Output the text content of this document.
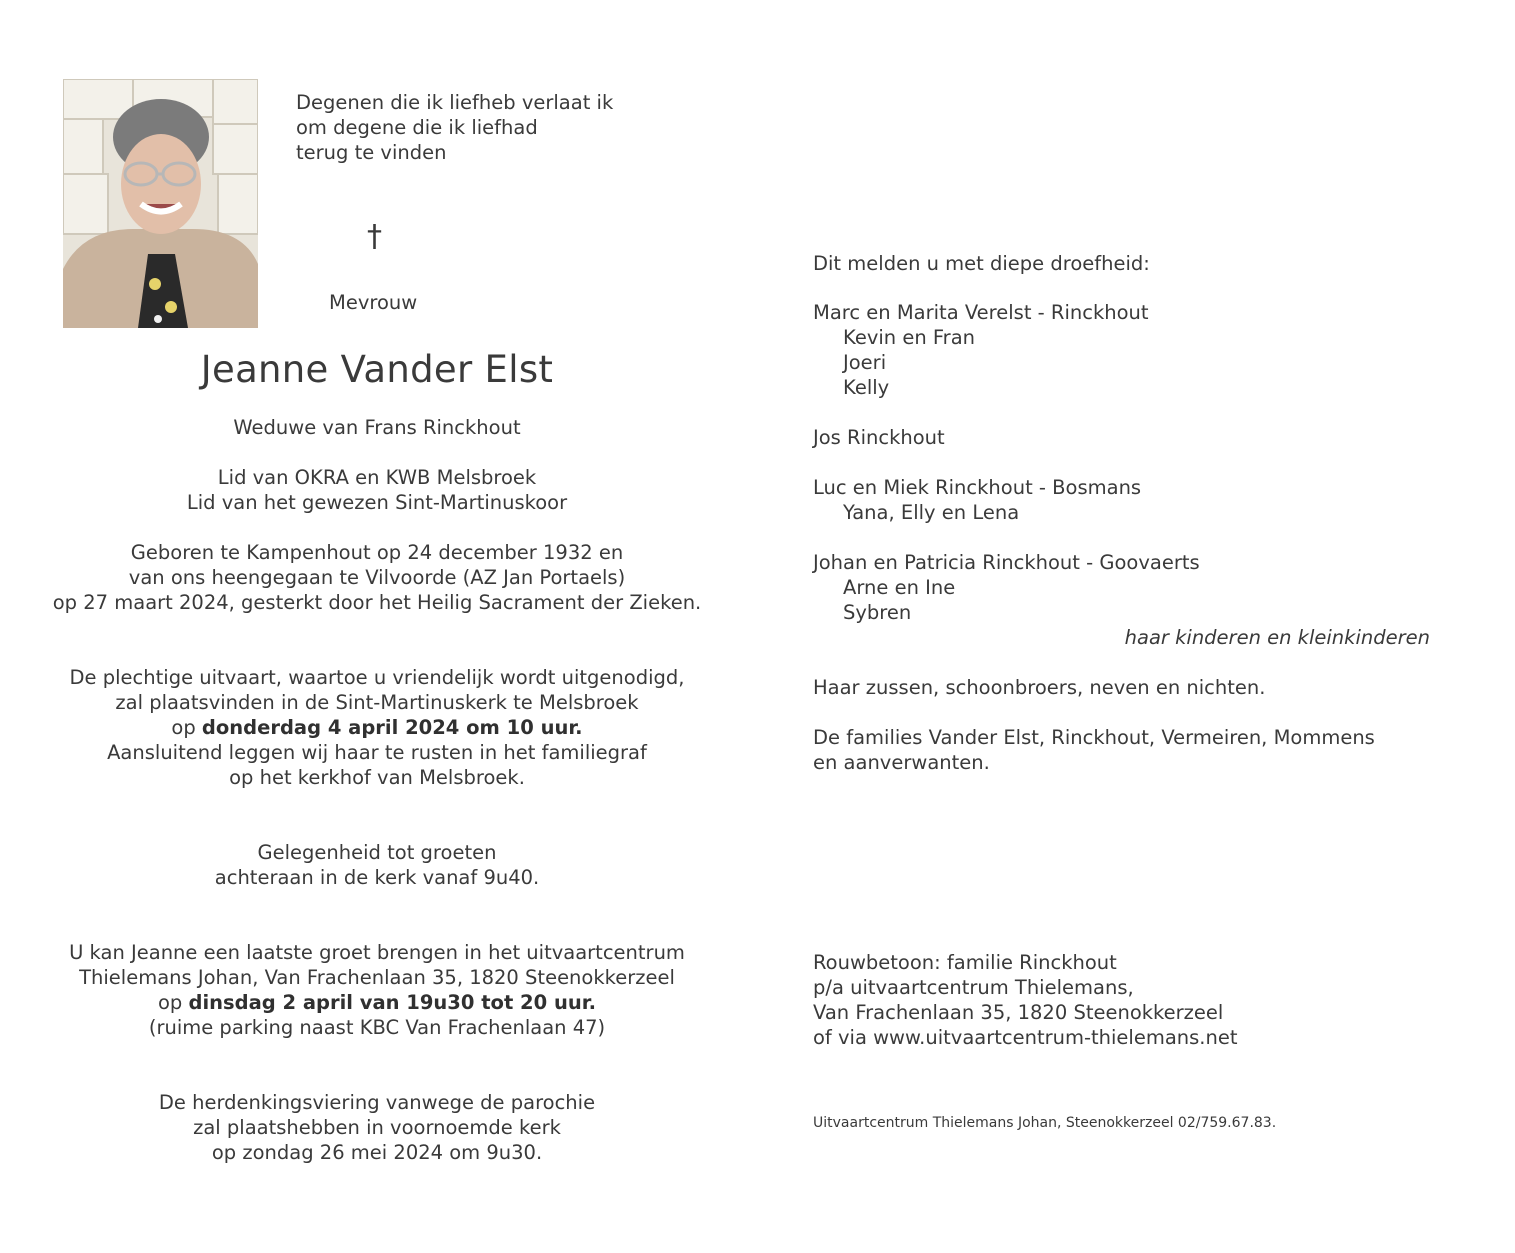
Degenen die ik liefheb verlaat ik
om degene die ik liefhad
terug te vinden
†
Mevrouw
Jeanne Vander Elst
Weduwe van Frans Rinckhout
Lid van OKRA en KWB Melsbroek
Lid van het gewezen Sint-Martinuskoor
Geboren te Kampenhout op 24 december 1932 en
van ons heengegaan te Vilvoorde (AZ Jan Portaels)
op 27 maart 2024, gesterkt door het Heilig Sacrament der Zieken.
De plechtige uitvaart, waartoe u vriendelijk wordt uitgenodigd,
zal plaatsvinden in de Sint-Martinuskerk te Melsbroek
op donderdag 4 april 2024 om 10 uur.
Aansluitend leggen wij haar te rusten in het familiegraf
op het kerkhof van Melsbroek.
Gelegenheid tot groeten
achteraan in de kerk vanaf 9u40.
U kan Jeanne een laatste groet brengen in het uitvaartcentrum
Thielemans Johan, Van Frachenlaan 35, 1820 Steenokkerzeel
op dinsdag 2 april van 19u30 tot 20 uur.
(ruime parking naast KBC Van Frachenlaan 47)
De herdenkingsviering vanwege de parochie
zal plaatshebben in voornoemde kerk
op zondag 26 mei 2024 om 9u30.
Dit melden u met diepe droefheid:
Marc en Marita Verelst - Rinckhout
Kevin en Fran
Joeri
Kelly
Jos Rinckhout
Luc en Miek Rinckhout - Bosmans
Yana, Elly en Lena
Johan en Patricia Rinckhout - Goovaerts
Arne en Ine
Sybren
haar kinderen en kleinkinderen
Haar zussen, schoonbroers, neven en nichten.
De families Vander Elst, Rinckhout, Vermeiren, Mommens
en aanverwanten.
Rouwbetoon: familie Rinckhout
p/a uitvaartcentrum Thielemans,
Van Frachenlaan 35, 1820 Steenokkerzeel
of via www.uitvaartcentrum-thielemans.net
Uitvaartcentrum Thielemans Johan, Steenokkerzeel 02/759.67.83.
